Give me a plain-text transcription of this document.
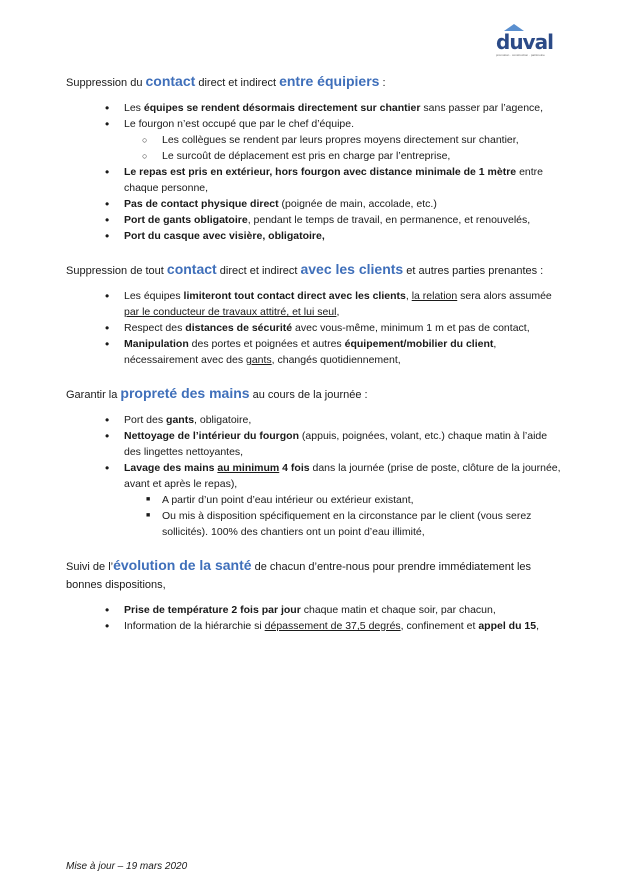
duval
promotion · construction · patrimoine

Suppression du contact direct et indirect entre équipiers :

• Les équipes se rendent désormais directement sur chantier sans passer par l’agence,
• Le fourgon n’est occupé que par le chef d’équipe.
○ Les collègues se rendent par leurs propres moyens directement sur chantier,
○ Le surcoût de déplacement est pris en charge par l’entreprise,
• Le repas est pris en extérieur, hors fourgon avec distance minimale de 1 mètre entre chaque personne,
• Pas de contact physique direct (poignée de main, accolade, etc.)
• Port de gants obligatoire, pendant le temps de travail, en permanence, et renouvelés,
• Port du casque avec visière, obligatoire,

Suppression de tout contact direct et indirect avec les clients et autres parties prenantes :

• Les équipes limiteront tout contact direct avec les clients, la relation sera alors assumée par le conducteur de travaux attitré, et lui seul,
• Respect des distances de sécurité avec vous-même, minimum 1 m et pas de contact,
• Manipulation des portes et poignées et autres équipement/mobilier du client, nécessairement avec des gants, changés quotidiennement,

Garantir la propreté des mains au cours de la journée :

• Port des gants, obligatoire,
• Nettoyage de l’intérieur du fourgon (appuis, poignées, volant, etc.) chaque matin à l’aide des lingettes nettoyantes,
• Lavage des mains au minimum 4 fois dans la journée (prise de poste, clôture de la journée, avant et après le repas),
■ A partir d’un point d’eau intérieur ou extérieur existant,
■ Ou mis à disposition spécifiquement en la circonstance par le client (vous serez sollicités). 100% des chantiers ont un point d’eau illimité,

Suivi de l’évolution de la santé de chacun d’entre-nous pour prendre immédiatement les bonnes dispositions,

• Prise de température 2 fois par jour chaque matin et chaque soir, par chacun,
• Information de la hiérarchie si dépassement de 37,5 degrés, confinement et appel du 15,
Mise à jour – 19 mars 2020
